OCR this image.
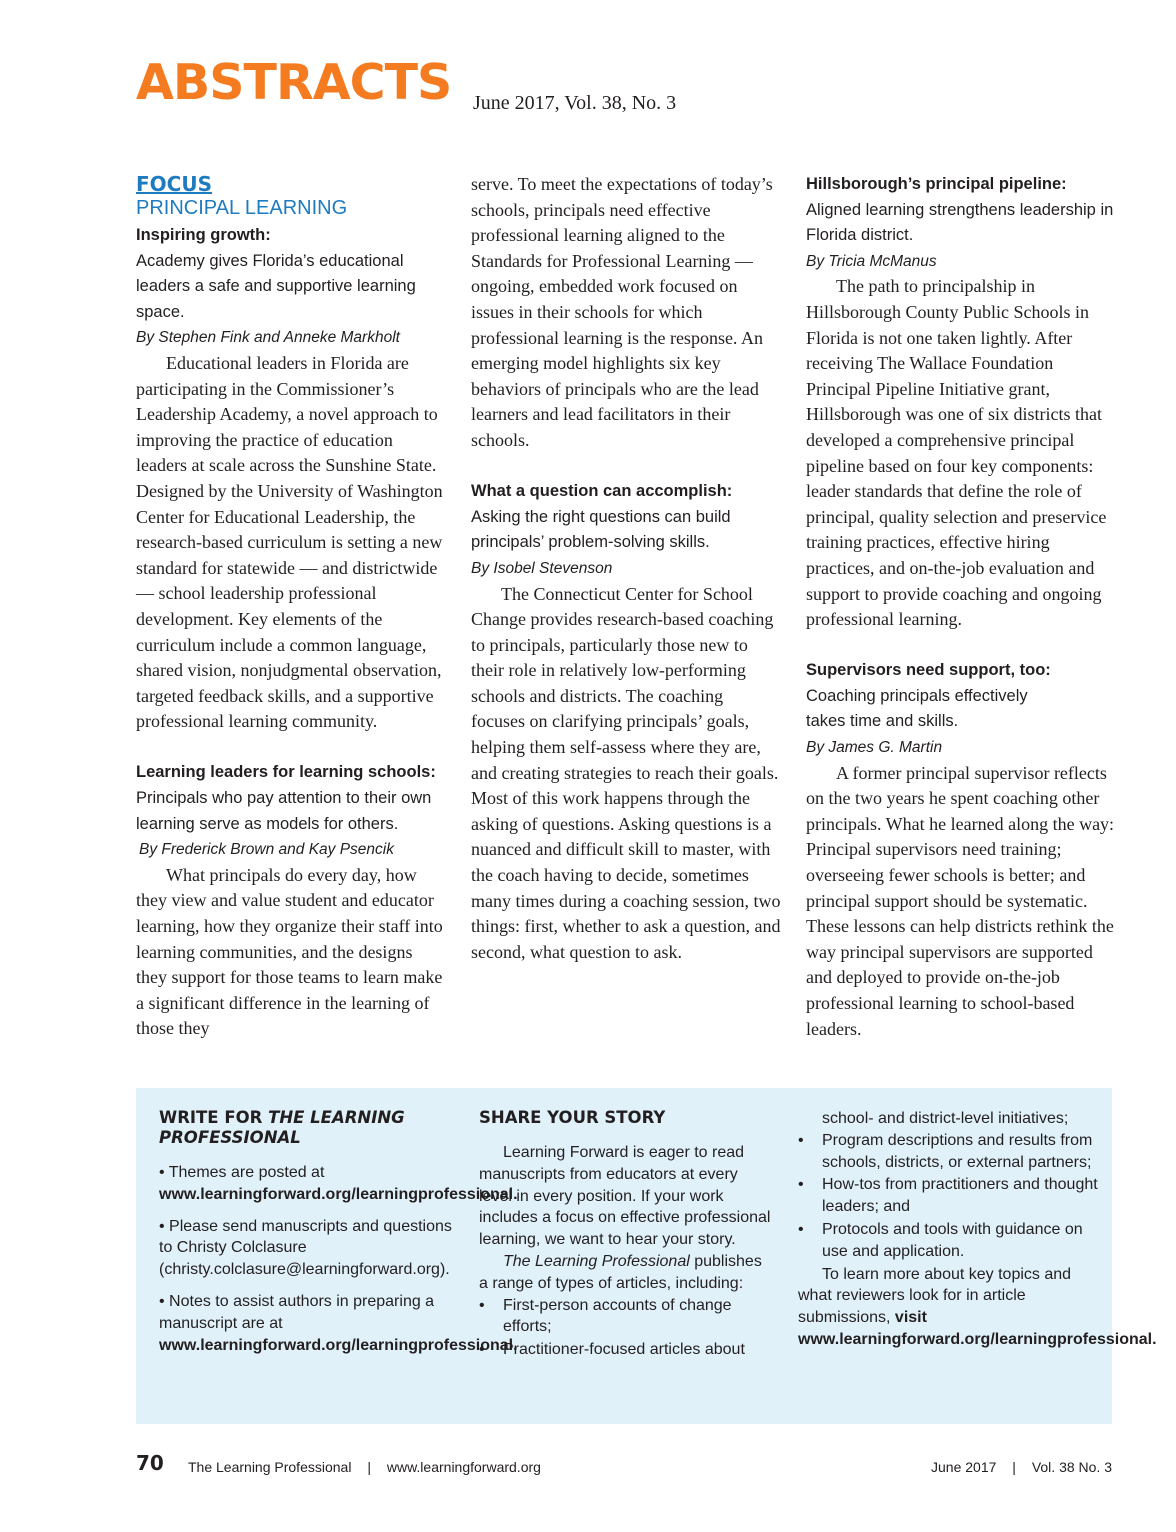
ABSTRACTS June 2017, Vol. 38, No. 3
FOCUS
PRINCIPAL LEARNING
Inspiring growth:
Academy gives Florida’s educational leaders a safe and supportive learning space.
By Stephen Fink and Anneke Markholt

Educational leaders in Florida are participating in the Commissioner’s Leadership Academy, a novel approach to improving the practice of education leaders at scale across the Sunshine State. Designed by the University of Washington Center for Educational Leadership, the research-based curriculum is setting a new standard for statewide — and districtwide — school leadership professional development. Key elements of the curriculum include a common language, shared vision, nonjudgmental observation, targeted feedback skills, and a supportive professional learning community.

Learning leaders for learning schools:
Principals who pay attention to their own learning serve as models for others.
By Frederick Brown and Kay Psencik

What principals do every day, how they view and value student and educator learning, how they organize their staff into learning communities, and the designs they support for those teams to learn make a significant difference in the learning of those they

serve. To meet the expectations of today’s schools, principals need effective professional learning aligned to the Standards for Professional Learning — ongoing, embedded work focused on issues in their schools for which professional learning is the response. An emerging model highlights six key behaviors of principals who are the lead learners and lead facilitators in their schools.

What a question can accomplish:
Asking the right questions can build principals’ problem-solving skills.
By Isobel Stevenson

The Connecticut Center for School Change provides research-based coaching to principals, particularly those new to their role in relatively low-performing schools and districts. The coaching focuses on clarifying principals’ goals, helping them self-assess where they are, and creating strategies to reach their goals. Most of this work happens through the asking of questions. Asking questions is a nuanced and difficult skill to master, with the coach having to decide, sometimes many times during a coaching session, two things: first, whether to ask a question, and second, what question to ask.

Hillsborough’s principal pipeline:
Aligned learning strengthens leadership in Florida district.
By Tricia McManus

The path to principalship in Hillsborough County Public Schools in Florida is not one taken lightly. After receiving The Wallace Foundation Principal Pipeline Initiative grant, Hillsborough was one of six districts that developed a comprehensive principal pipeline based on four key components: leader standards that define the role of principal, quality selection and preservice training practices, effective hiring practices, and on-the-job evaluation and support to provide coaching and ongoing professional learning.

Supervisors need support, too:
Coaching principals effectively takes time and skills.
By James G. Martin

A former principal supervisor reflects on the two years he spent coaching other principals. What he learned along the way: Principal supervisors need training; overseeing fewer schools is better; and principal support should be systematic. These lessons can help districts rethink the way principal supervisors are supported and deployed to provide on-the-job professional learning to school-based leaders.

WRITE FOR THE LEARNING PROFESSIONAL

• Themes are posted at www.learningforward.org/learningprofessional.

• Please send manuscripts and questions to Christy Colclasure (christy.colclasure@learningforward.org).

• Notes to assist authors in preparing a manuscript are at www.learningforward.org/learningprofessional.

SHARE YOUR STORY

Learning Forward is eager to read manuscripts from educators at every level in every position. If your work includes a focus on effective professional learning, we want to hear your story.

The Learning Professional publishes a range of types of articles, including:

• First-person accounts of change efforts;
• Practitioner-focused articles about
school- and district-level initiatives;
• Program descriptions and results from schools, districts, or external partners;
• How-tos from practitioners and thought leaders; and
• Protocols and tools with guidance on use and application.

To learn more about key topics and what reviewers look for in article submissions, visit www.learningforward.org/learningprofessional.

70 The Learning Professional | www.learningforward.org	June 2017 | Vol. 38 No. 3
